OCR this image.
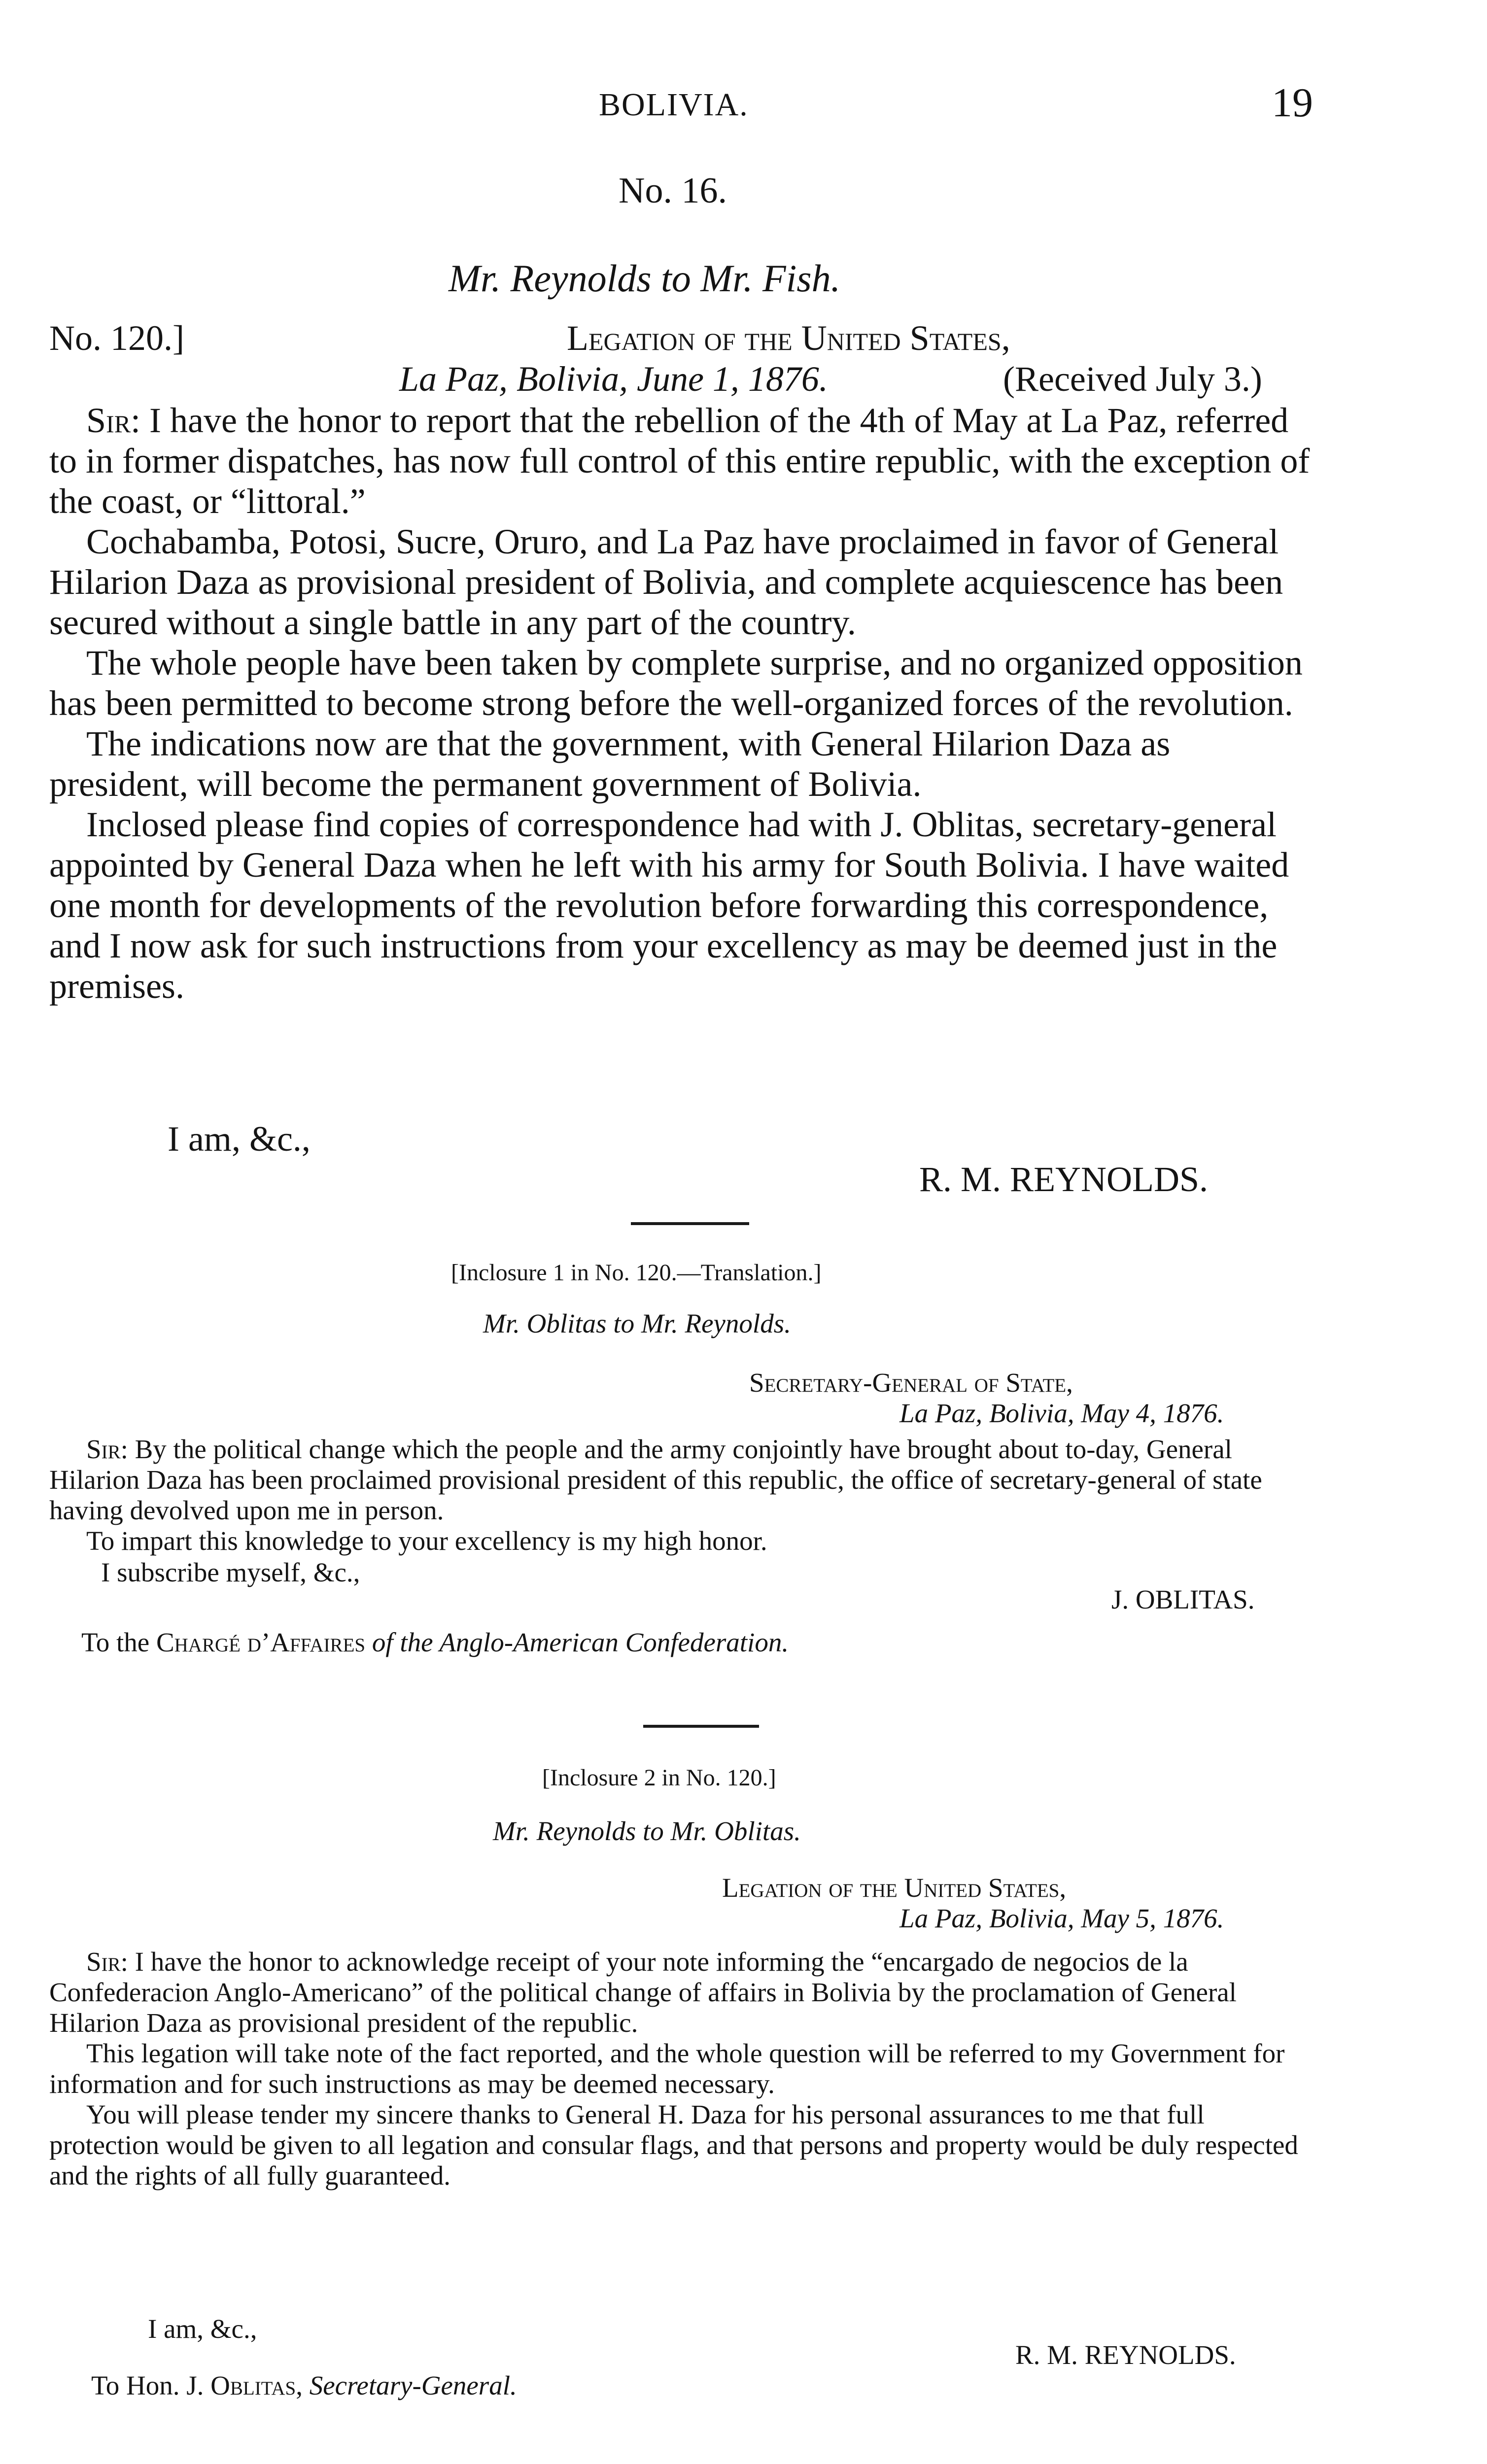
BOLIVIA.	19
No. 16.
Mr. Reynolds to Mr. Fish.
No. 120.]	Legation of the United States,
La Paz, Bolivia, June 1, 1876.	(Received July 3.)

Sir: I have the honor to report that the rebellion of the 4th of May at La Paz, referred to in former dispatches, has now full control of this entire republic, with the exception of the coast, or “littoral.”

Cochabamba, Potosi, Sucre, Oruro, and La Paz have proclaimed in favor of General Hilarion Daza as provisional president of Bolivia, and complete acquiescence has been secured without a single battle in any part of the country.

The whole people have been taken by complete surprise, and no organized opposition has been permitted to become strong before the well-organized forces of the revolution.

The indications now are that the government, with General Hilarion Daza as president, will become the permanent government of Bolivia.

Inclosed please find copies of correspondence had with J. Oblitas, secretary-general appointed by General Daza when he left with his army for South Bolivia. I have waited one month for developments of the revolution before forwarding this correspondence, and I now ask for such instructions from your excellency as may be deemed just in the premises.

I am, &c.,
R. M. REYNOLDS.
[Inclosure 1 in No. 120.—Translation.]
Mr. Oblitas to Mr. Reynolds.
Secretary-General of State,
La Paz, Bolivia, May 4, 1876.

Sir: By the political change which the people and the army conjointly have brought about to-day, General Hilarion Daza has been proclaimed provisional president of this republic, the office of secretary-general of state having devolved upon me in person.

To impart this knowledge to your excellency is my high honor.

I subscribe myself, &c.,
J. OBLITAS.
To the Chargé d’Affaires of the Anglo-American Confederation.
[Inclosure 2 in No. 120.]
Mr. Reynolds to Mr. Oblitas.
Legation of the United States,
La Paz, Bolivia, May 5, 1876.

Sir: I have the honor to acknowledge receipt of your note informing the “encargado de negocios de la Confederacion Anglo-Americano” of the political change of affairs in Bolivia by the proclamation of General Hilarion Daza as provisional president of the republic.

This legation will take note of the fact reported, and the whole question will be referred to my Government for information and for such instructions as may be deemed necessary.

You will please tender my sincere thanks to General H. Daza for his personal assurances to me that full protection would be given to all legation and consular flags, and that persons and property would be duly respected and the rights of all fully guaranteed.

I am, &c.,
R. M. REYNOLDS.
To Hon. J. Oblitas, Secretary-General.
